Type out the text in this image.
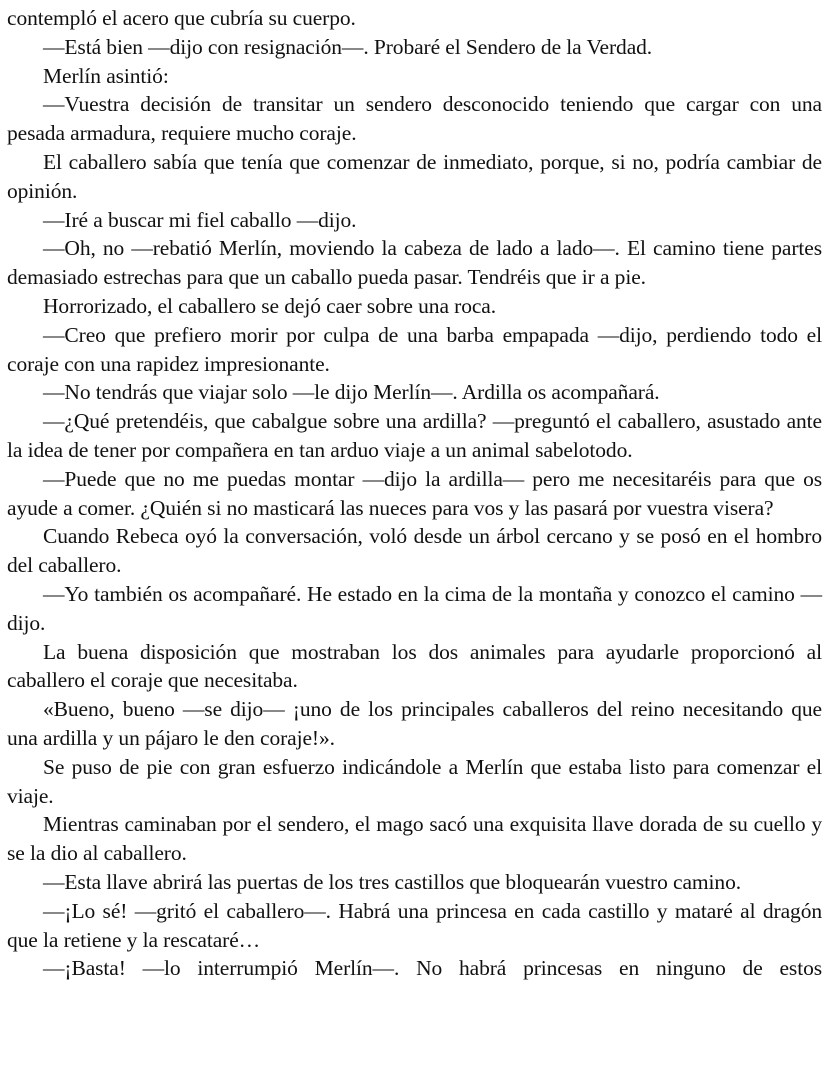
contempló el acero que cubría su cuerpo.

—Está bien —dijo con resignación—. Probaré el Sendero de la Verdad.

Merlín asintió:

—Vuestra decisión de transitar un sendero desconocido teniendo que cargar con una pesada armadura, requiere mucho coraje.

El caballero sabía que tenía que comenzar de inmediato, porque, si no, podría cambiar de opinión.

—Iré a buscar mi fiel caballo —dijo.

—Oh, no —rebatió Merlín, moviendo la cabeza de lado a lado—. El camino tiene partes demasiado estrechas para que un caballo pueda pasar. Tendréis que ir a pie.

Horrorizado, el caballero se dejó caer sobre una roca.

—Creo que prefiero morir por culpa de una barba empapada —dijo, perdiendo todo el coraje con una rapidez impresionante.

—No tendrás que viajar solo —le dijo Merlín—. Ardilla os acompañará.

—¿Qué pretendéis, que cabalgue sobre una ardilla? —preguntó el caballero, asustado ante la idea de tener por compañera en tan arduo viaje a un animal sabelotodo.

—Puede que no me puedas montar —dijo la ardilla— pero me necesitaréis para que os ayude a comer. ¿Quién si no masticará las nueces para vos y las pasará por vuestra visera?

Cuando Rebeca oyó la conversación, voló desde un árbol cercano y se posó en el hombro del caballero.

—Yo también os acompañaré. He estado en la cima de la montaña y conozco el camino —dijo.

La buena disposición que mostraban los dos animales para ayudarle proporcionó al caballero el coraje que necesitaba.

«Bueno, bueno —se dijo— ¡uno de los principales caballeros del reino necesitando que una ardilla y un pájaro le den coraje!».

Se puso de pie con gran esfuerzo indicándole a Merlín que estaba listo para comenzar el viaje.

Mientras caminaban por el sendero, el mago sacó una exquisita llave dorada de su cuello y se la dio al caballero.

—Esta llave abrirá las puertas de los tres castillos que bloquearán vuestro camino.

—¡Lo sé! —gritó el caballero—. Habrá una princesa en cada castillo y mataré al dragón que la retiene y la rescataré…

—¡Basta! —lo interrumpió Merlín—. No habrá princesas en ninguno de estos
